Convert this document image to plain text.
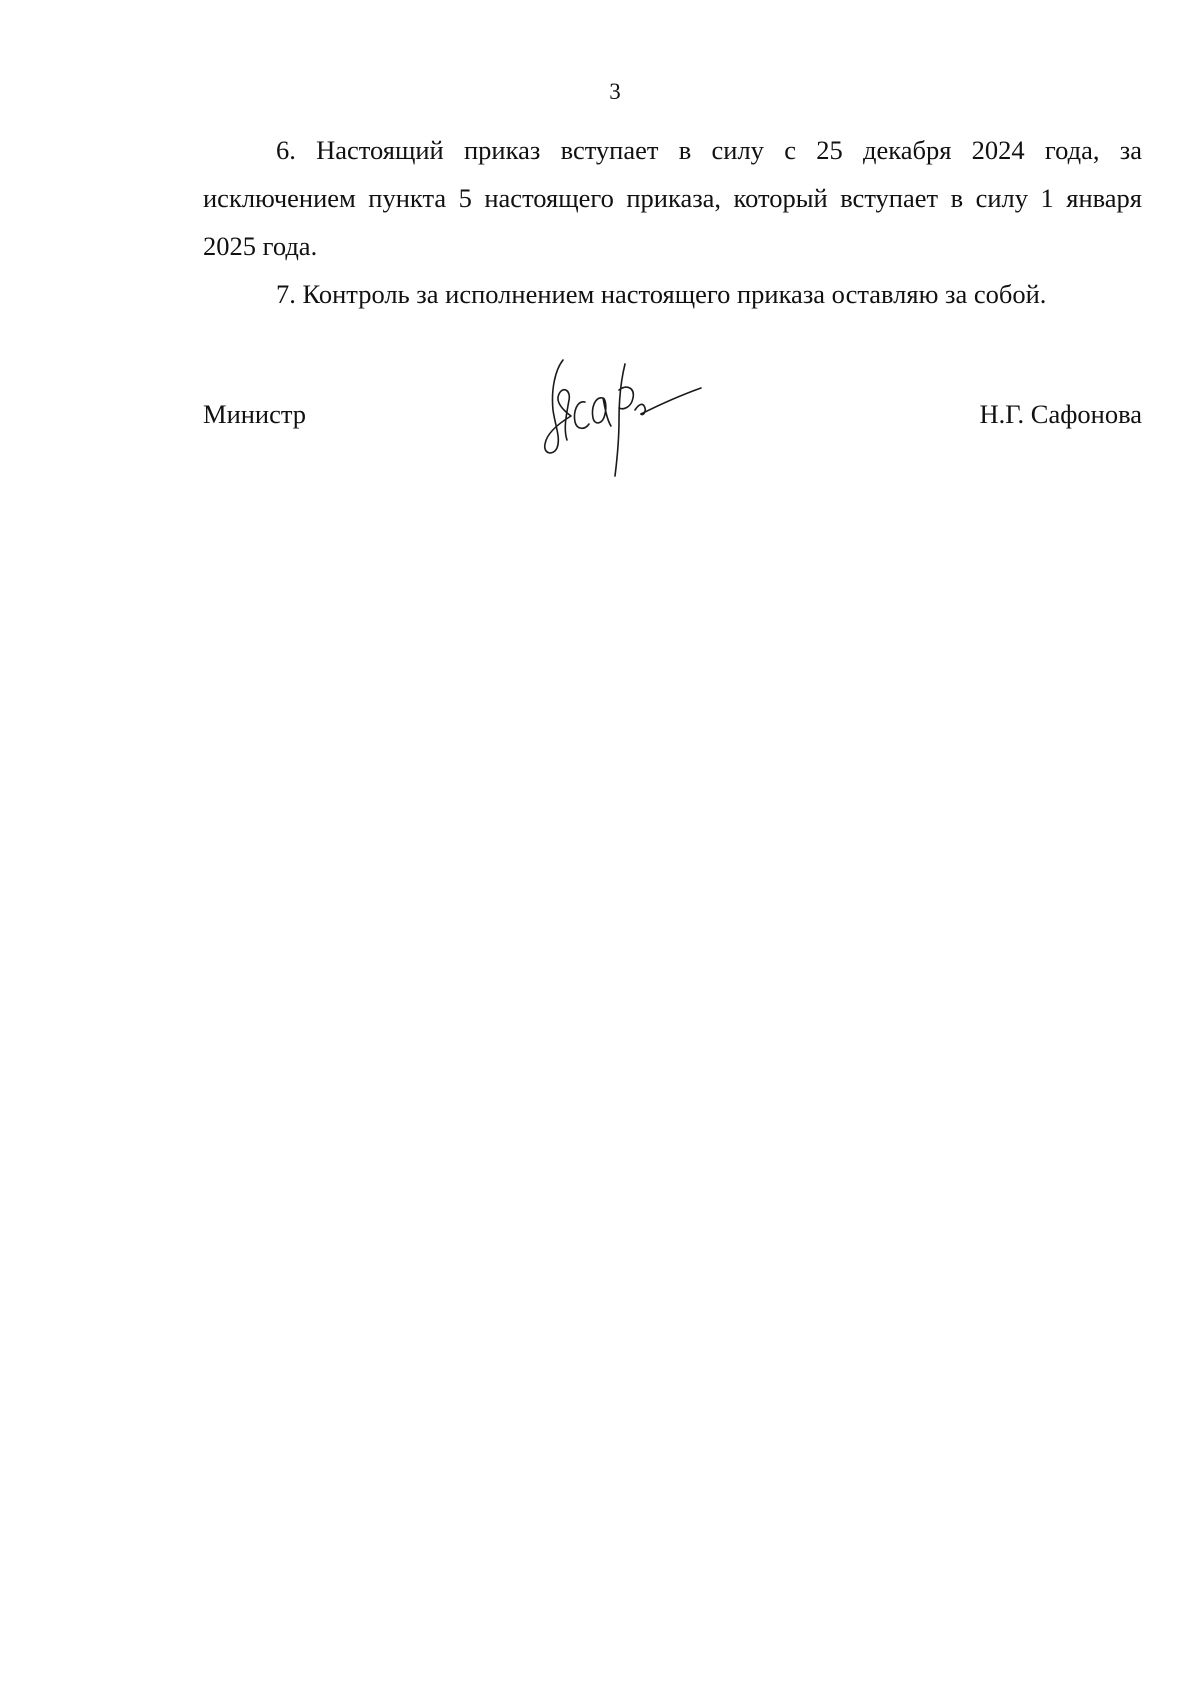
3

6. Настоящий приказ вступает в силу с 25 декабря 2024 года, за исключением пункта 5 настоящего приказа, который вступает в силу 1 января 2025 года.

7. Контроль за исполнением настоящего приказа оставляю за собой.

Министр	Н.Г. Сафонова
